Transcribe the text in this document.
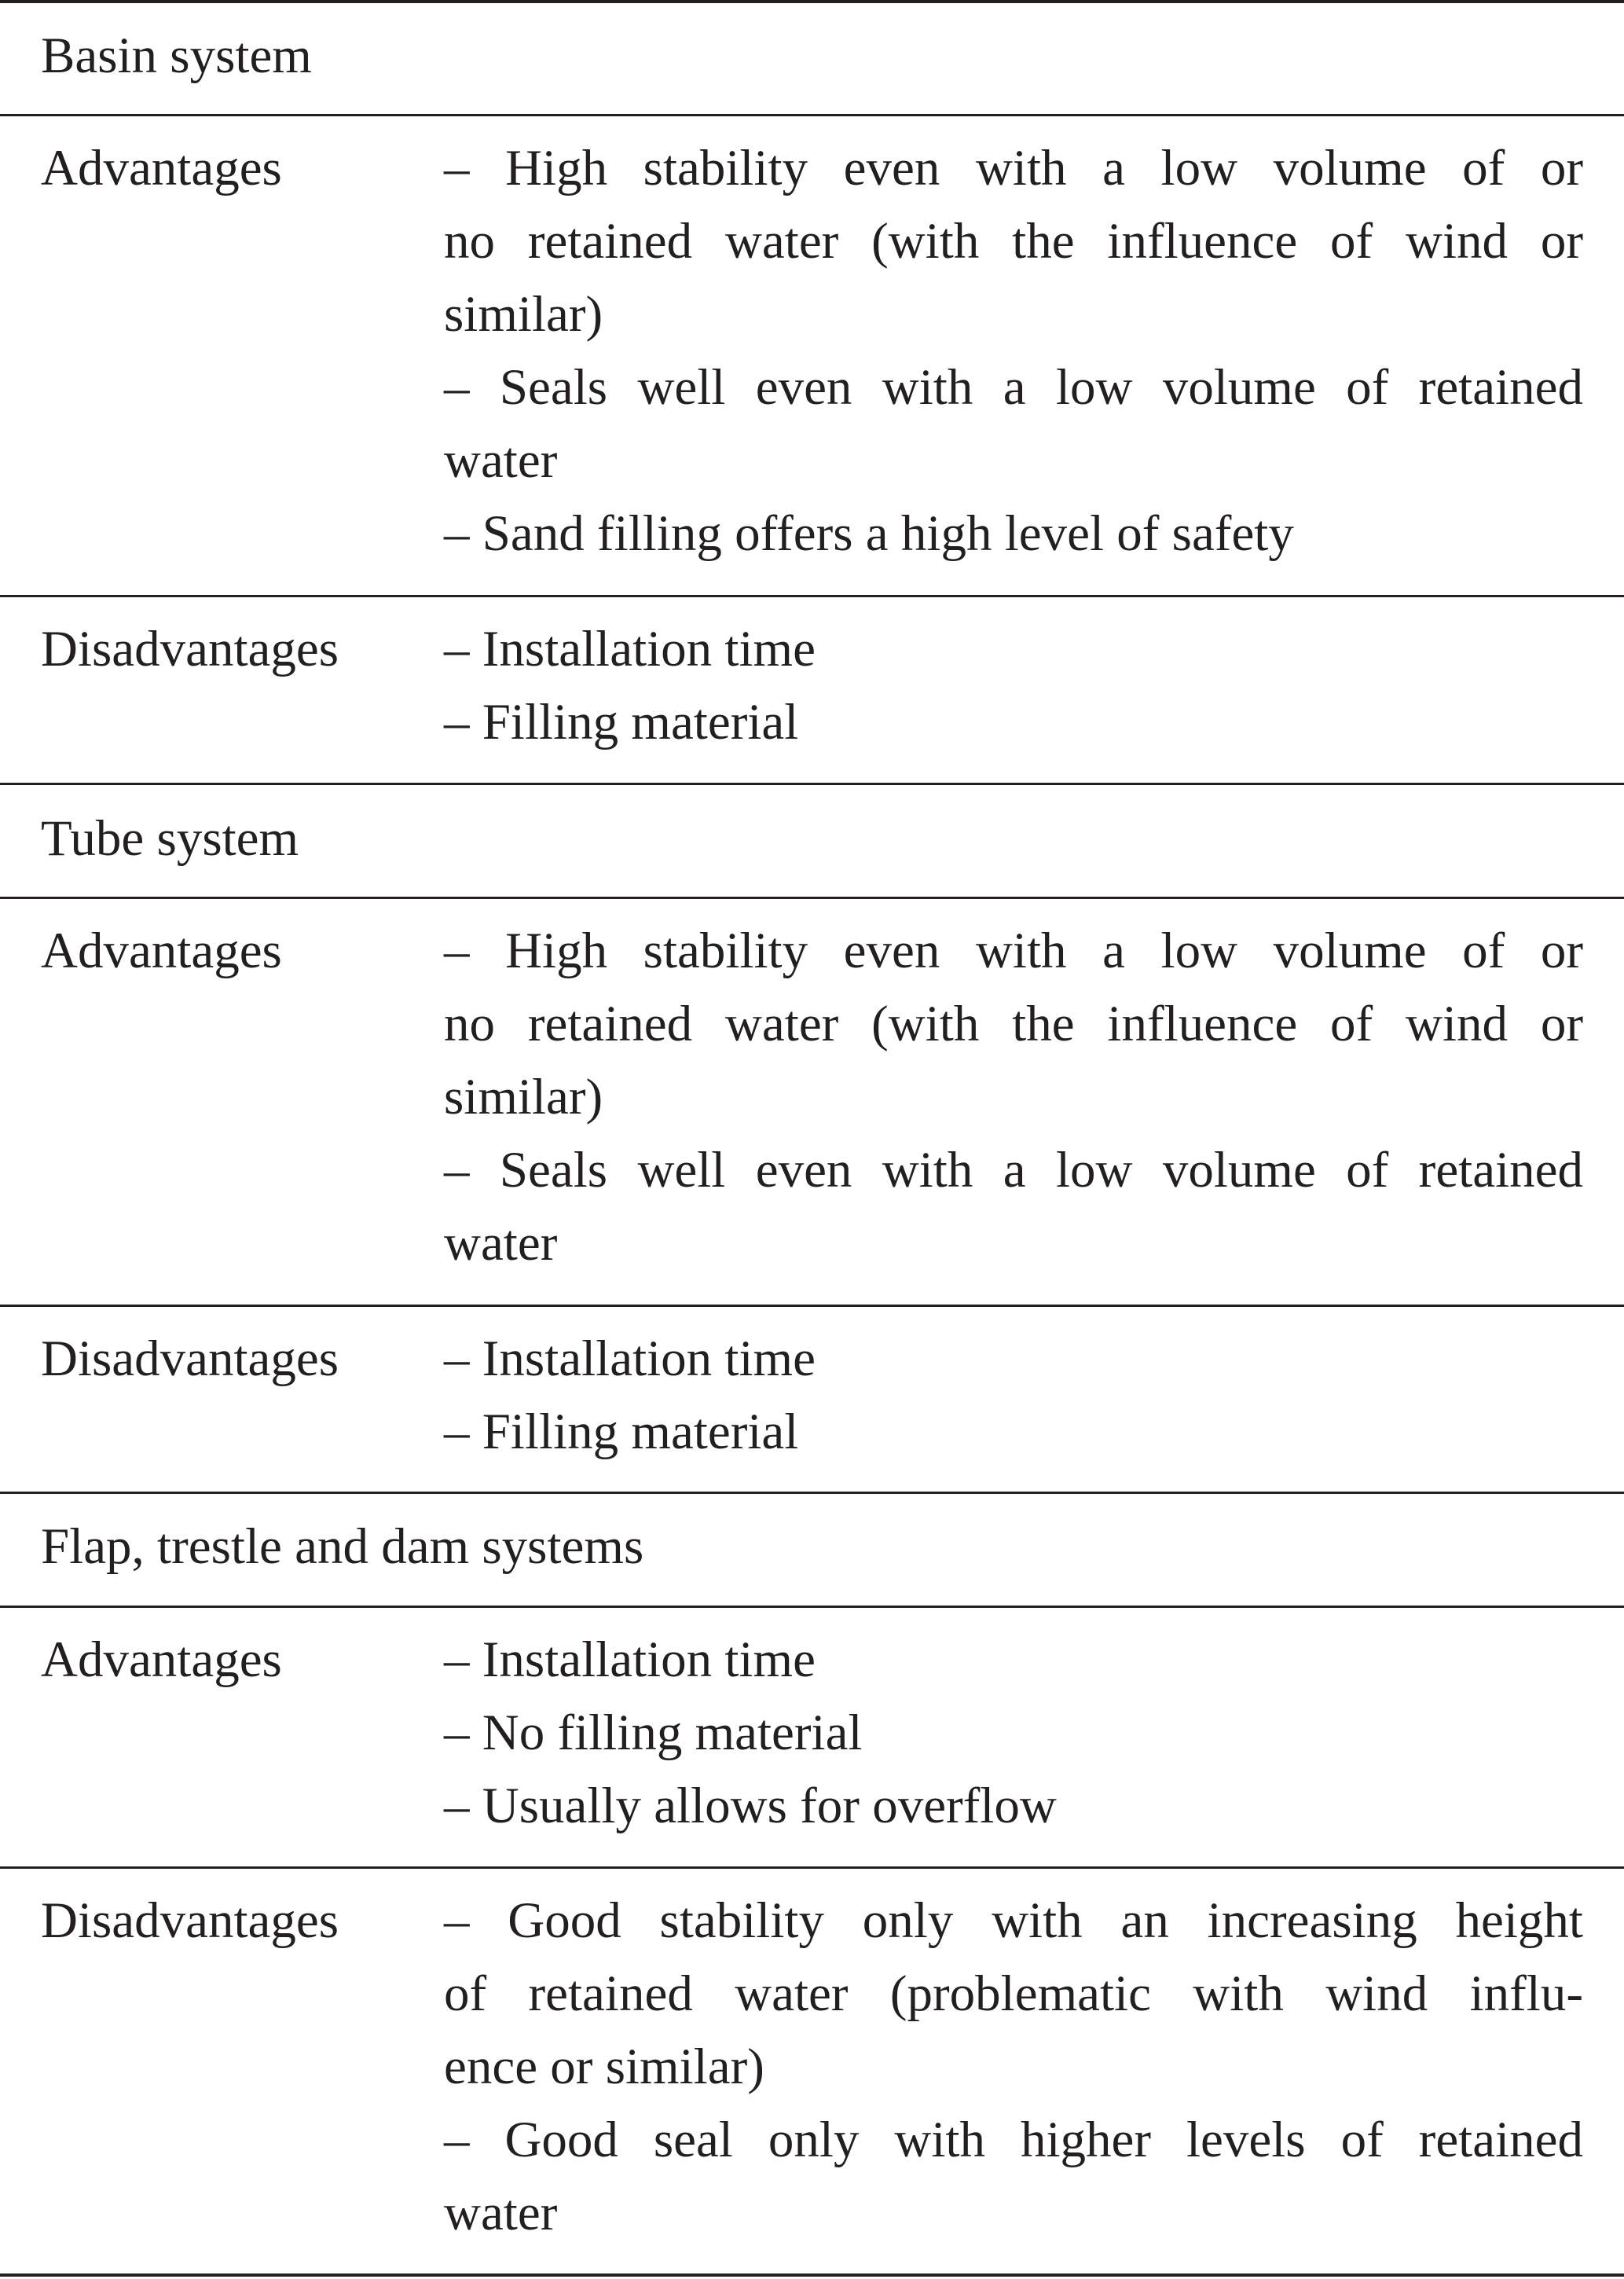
Basin system
Advantages	– High stability even with a low volume of or
no retained water (with the influence of wind or
similar)
– Seals well even with a low volume of retained
water
– Sand filling offers a high level of safety
Disadvantages – Installation time
– Filling material
Tube system
Advantages	– High stability even with a low volume of or
no retained water (with the influence of wind or
similar)
– Seals well even with a low volume of retained
water
Disadvantages – Installation time
– Filling material
Flap, trestle and dam systems
Advantages	– Installation time
– No filling material
– Usually allows for overflow
Disadvantages – Good stability only with an increasing height
of retained water (problematic with wind influ-
ence or similar)
– Good seal only with higher levels of retained
water
